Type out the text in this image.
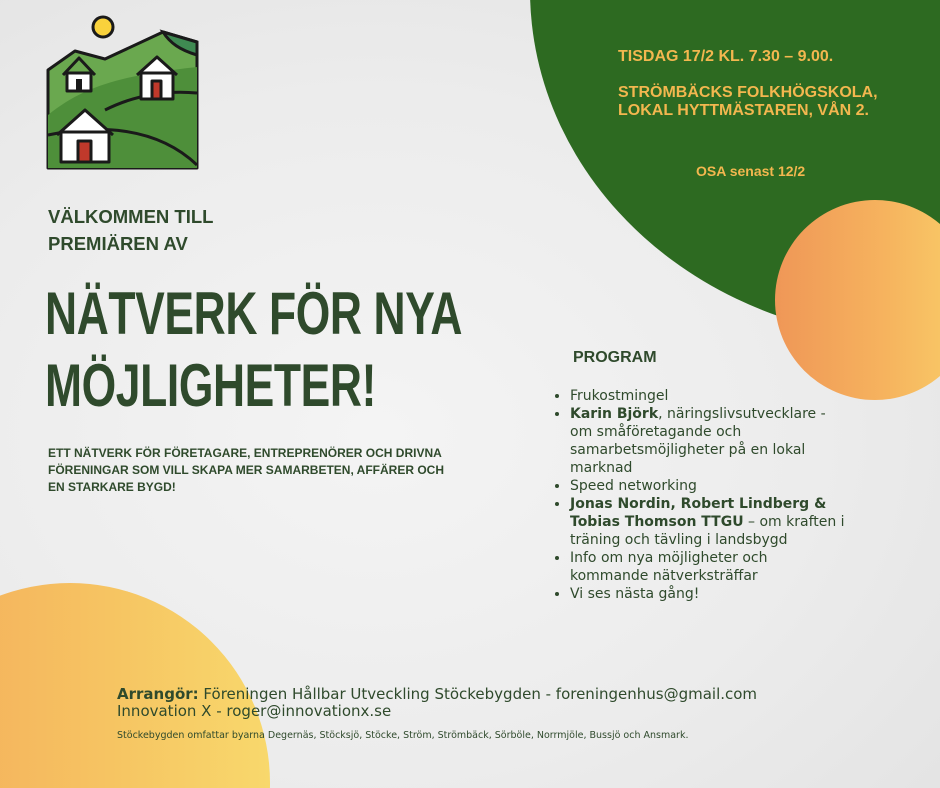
TISDAG 17/2 KL. 7.30 – 9.00.

STRÖMBÄCKS FOLKHÖGSKOLA,
LOKAL HYTTMÄSTAREN, VÅN 2.

OSA senast 12/2
VÄLKOMMEN TILL
PREMIÄREN AV
NÄTVERK FÖR NYA
MÖJLIGHETER!
ETT NÄTVERK FÖR FÖRETAGARE, ENTREPRENÖRER OCH DRIVNA FÖRENINGAR SOM VILL SKAPA MER SAMARBETEN, AFFÄRER OCH EN STARKARE BYGD!
PROGRAM
• Frukostmingel
• Karin Björk, näringslivsutvecklare - om småföretagande och samarbetsmöjligheter på en lokal marknad
• Speed networking
• Jonas Nordin, Robert Lindberg & Tobias Thomson TTGU – om kraften i träning och tävling i landsbygd
• Info om nya möjligheter och kommande nätverksträffar
• Vi ses nästa gång!
Arrangör: Föreningen Hållbar Utveckling Stöckebygden - foreningenhus@gmail.com
Innovation X - roger@innovationx.se
Stöckebygden omfattar byarna Degernäs, Stöcksjö, Stöcke, Ström, Strömbäck, Sörböle, Norrmjöle, Bussjö och Ansmark.
